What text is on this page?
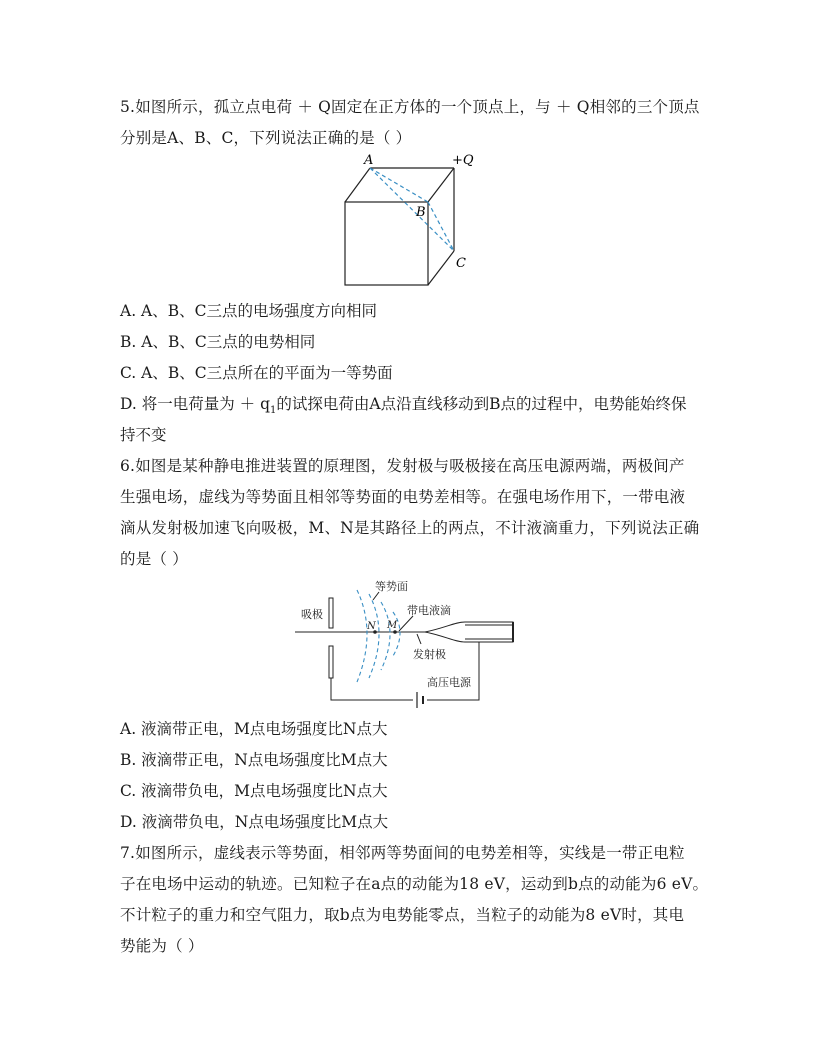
5.如图所示，孤立点电荷 ＋ Q固定在正方体的一个顶点上，与 ＋ Q相邻的三个顶点
分别是A、B、C，下列说法正确的是（ ）
A	+Q
B
C
A. A、B、C三点的电场强度方向相同
B. A、B、C三点的电势相同
C. A、B、C三点所在的平面为一等势面
D. 将一电荷量为 ＋ $q_1$的试探电荷由A点沿直线移动到B点的过程中，电势能始终保
持不变
6.如图是某种静电推进装置的原理图，发射极与吸极接在高压电源两端，两极间产
生强电场，虚线为等势面且相邻等势面的电势差相等。在强电场作用下，一带电液
滴从发射极加速飞向吸极，M、N是其路径上的两点，不计液滴重力，下列说法正确
的是（ ）
等势面
吸极	带电液滴
N M
发射极
高压电源
A. 液滴带正电，M点电场强度比N点大
B. 液滴带正电，N点电场强度比M点大
C. 液滴带负电，M点电场强度比N点大
D. 液滴带负电，N点电场强度比M点大
7.如图所示，虚线表示等势面，相邻两等势面间的电势差相等，实线是一带正电粒
子在电场中运动的轨迹。已知粒子在a点的动能为18 eV，运动到b点的动能为6 eV。
不计粒子的重力和空气阻力，取b点为电势能零点，当粒子的动能为8 eV时，其电
势能为（ ）
